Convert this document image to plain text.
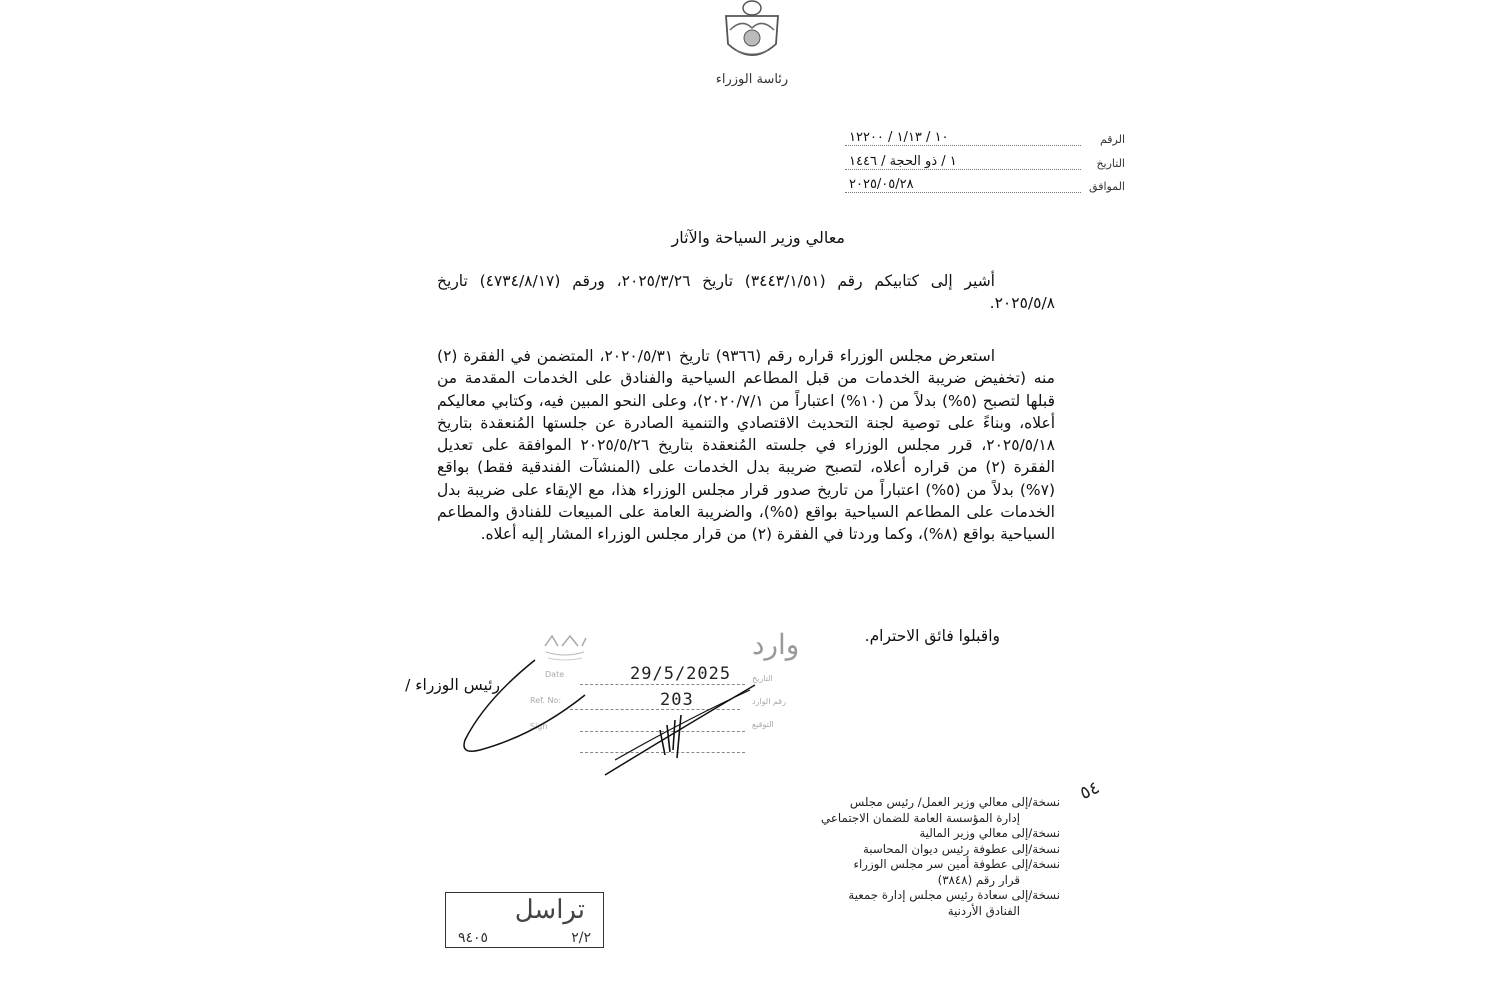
رئاسة الوزراء
الرقم
١٠ / ١/١٣ / ١٢٢٠٠
التاريخ
١ / ذو الحجة / ١٤٤٦
الموافق
٢٠٢٥/٠٥/٢٨
معالي وزير السياحة والآثار
أشير إلى كتابيكم رقم (٣٤٤٣/١/٥١) تاريخ ٢٠٢٥/٣/٢٦، ورقم (٤٧٣٤/٨/١٧) تاريخ ٢٠٢٥/٥/٨.
استعرض مجلس الوزراء قراره رقم (٩٣٦٦) تاريخ ٢٠٢٠/٥/٣١، المتضمن في الفقرة (٢) منه (تخفيض ضريبة الخدمات من قبل المطاعم السياحية والفنادق على الخدمات المقدمة من قبلها لتصبح (٥%) بدلاً من (١٠%) اعتباراً من ٢٠٢٠/٧/١)، وعلى النحو المبين فيه، وكتابي معاليكم أعلاه، وبناءً على توصية لجنة التحديث الاقتصادي والتنمية الصادرة عن جلستها المُنعقدة بتاريخ ٢٠٢٥/٥/١٨، قرر مجلس الوزراء في جلسته المُنعقدة بتاريخ ٢٠٢٥/٥/٢٦ الموافقة على تعديل الفقرة (٢) من قراره أعلاه، لتصبح ضريبة بدل الخدمات على (المنشآت الفندقية فقط) بواقع (٧%) بدلاً من (٥%) اعتباراً من تاريخ صدور قرار مجلس الوزراء هذا، مع الإبقاء على ضريبة بدل الخدمات على المطاعم السياحية بواقع (٥%)، والضريبة العامة على المبيعات للفنادق والمطاعم السياحية بواقع (٨%)، وكما وردتا في الفقرة (٢) من قرار مجلس الوزراء المشار إليه أعلاه.
واقبلوا فائق الاحترام.
رئيس الوزراء /
وارد
Date	التاريخ
29/5/2025
Ref. No:	رقم الوارد
203
Sign	التوقيع
نسخة/إلى معالي وزير العمل/ رئيس مجلس
إدارة المؤسسة العامة للضمان الاجتماعي
نسخة/إلى معالي وزير المالية
نسخة/إلى عطوفة رئيس ديوان المحاسبة
نسخة/إلى عطوفة أمين سر مجلس الوزراء
قرار رقم (٣٨٤٨)
نسخة/إلى سعادة رئيس مجلس إدارة جمعية
الفنادق الأردنية
٥٤
تراسل
٢/٢
٩٤٠٥
